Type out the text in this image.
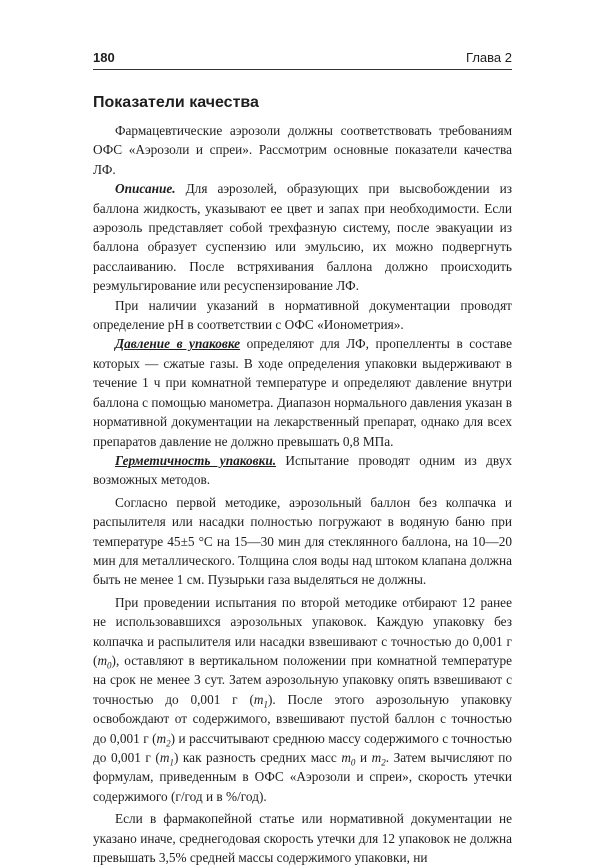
180	Глава 2
Показатели качества

Фармацевтические аэрозоли должны соответствовать требованиям ОФС «Аэрозоли и спреи». Рассмотрим основные показатели качества ЛФ.

Описание. Для аэрозолей, образующих при высвобождении из баллона жидкость, указывают ее цвет и запах при необходимости. Если аэрозоль представляет собой трехфазную систему, после эвакуации из баллона образует суспензию или эмульсию, их можно подвергнуть расслаиванию. После встряхивания баллона должно происходить реэмульгирование или ресуспензирование ЛФ.

При наличии указаний в нормативной документации проводят определение pH в соответствии с ОФС «Ионометрия».

Давление в упаковке определяют для ЛФ, пропелленты в составе которых — сжатые газы. В ходе определения упаковки выдерживают в течение 1 ч при комнатной температуре и определяют давление внутри баллона с помощью манометра. Диапазон нормального давления указан в нормативной документации на лекарственный препарат, однако для всех препаратов давление не должно превышать 0,8 МПа.

Герметичность упаковки. Испытание проводят одним из двух возможных методов.

Согласно первой методике, аэрозольный баллон без колпачка и распылителя или насадки полностью погружают в водяную баню при температуре 45±5 °С на 15—30 мин для стеклянного баллона, на 10—20 мин для металлического. Толщина слоя воды над штоком клапана должна быть не менее 1 см. Пузырьки газа выделяться не должны.

При проведении испытания по второй методике отбирают 12 ранее не использовавшихся аэрозольных упаковок. Каждую упаковку без колпачка и распылителя или насадки взвешивают с точностью до 0,001 г $(m_0)$, оставляют в вертикальном положении при комнатной температуре на срок не менее 3 сут. Затем аэрозольную упаковку опять взвешивают с точностью до 0,001 г $(m_1)$. После этого аэрозольную упаковку освобождают от содержимого, взвешивают пустой баллон с точностью до 0,001 г $(m_2)$ и рассчитывают среднюю массу содержимого с точностью до 0,001 г $(m_1)$ как разность средних масс $m_0$ и $m_2$. Затем вычисляют по формулам, приведенным в ОФС «Аэрозоли и спреи», скорость утечки содержимого (г/год и в %/год).

Если в фармакопейной статье или нормативной документации не указано иначе, среднегодовая скорость утечки для 12 упаковок не должна превышать 3,5% средней массы содержимого упаковки, ни
